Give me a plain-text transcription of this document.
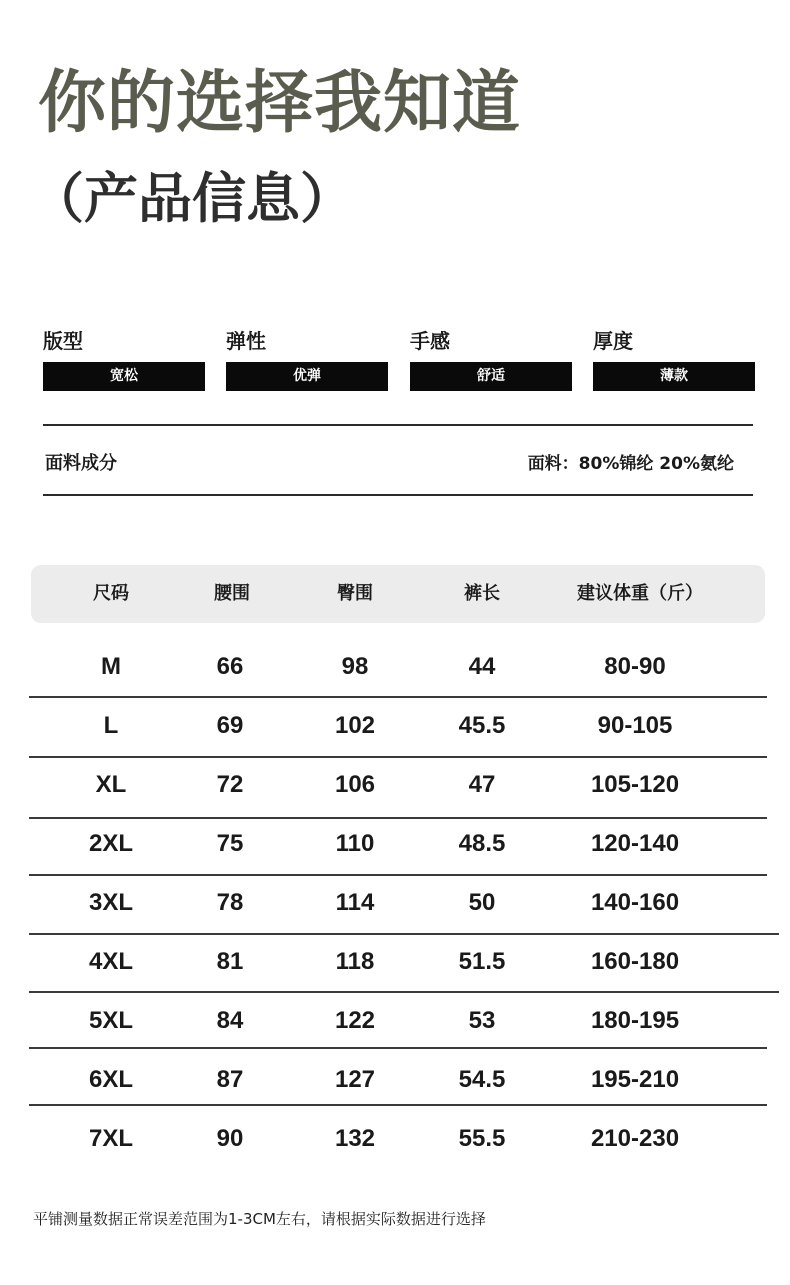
你的选择我知道
（产品信息）
版型
宽松
弹性
优弹
手感
舒适
厚度
薄款
面料成分	面料：80%锦纶 20%氨纶
尺码	腰围	臀围	裤长	建议体重（斤）
M	66	98	44	80-90
L	69	102	45.5	90-105
XL	72	106	47	105-120
2XL	75	110	48.5	120-140
3XL	78	114	50	140-160
4XL	81	118	51.5	160-180
5XL	84	122	53	180-195
6XL	87	127	54.5	195-210
7XL	90	132	55.5	210-230
平铺测量数据正常误差范围为1-3CM左右，请根据实际数据进行选择
